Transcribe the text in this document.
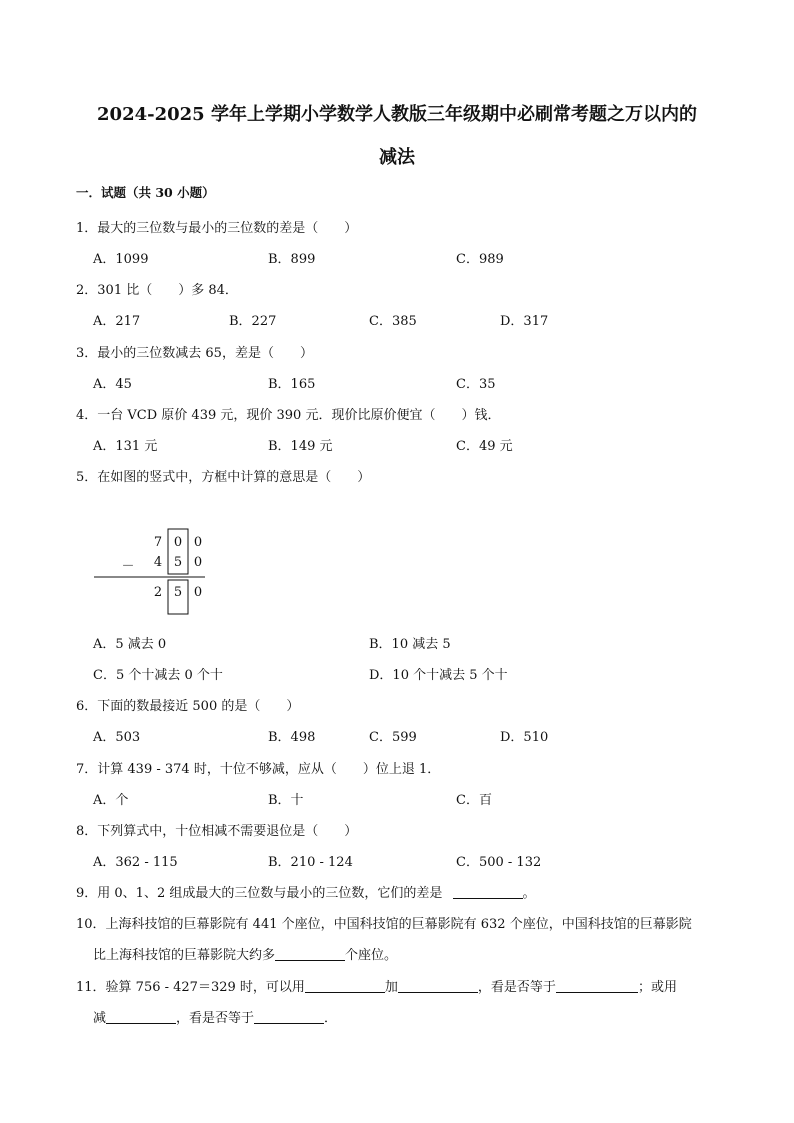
2024-2025 学年上学期小学数学人教版三年级期中必刷常考题之万以内的
减法
一．试题（共 30 小题）
1．最大的三位数与最小的三位数的差是（　　）
A．1099	B．899	C．989
2．301 比（　　）多 84．
A．217	B．227	C．385	D．317
3．最小的三位数减去 65，差是（　　）
A．45	B．165	C．35
4．一台 VCD 原价 439 元，现价 390 元．现价比原价便宜（　　）钱．
A．131 元	B．149 元	C．49 元
5．在如图的竖式中，方框中计算的意思是（　　）
7 0 0
－	4 5 0
2 5 0
A．5 减去 0	B．10 减去 5
C．5 个十减去 0 个十	D．10 个十减去 5 个十
6．下面的数最接近 500 的是（　　）
A．503	B．498	C．599	D．510
7．计算 439 - 374 时，十位不够减，应从（　　）位上退 1．
A．个	B．十	C．百
8．下列算式中，十位相减不需要退位是（　　）
A．362 - 115	B．210 - 124	C．500 - 132
9．用 0、1、2 组成最大的三位数与最小的三位数，它们的差是	。
10．上海科技馆的巨幕影院有 441 个座位，中国科技馆的巨幕影院有 632 个座位，中国科技馆的巨幕影院
比上海科技馆的巨幕影院大约多	个座位。
11．验算 756 - 427＝329 时，可以用	加	，看是否等于	；或用
减	，看是否等于	．
